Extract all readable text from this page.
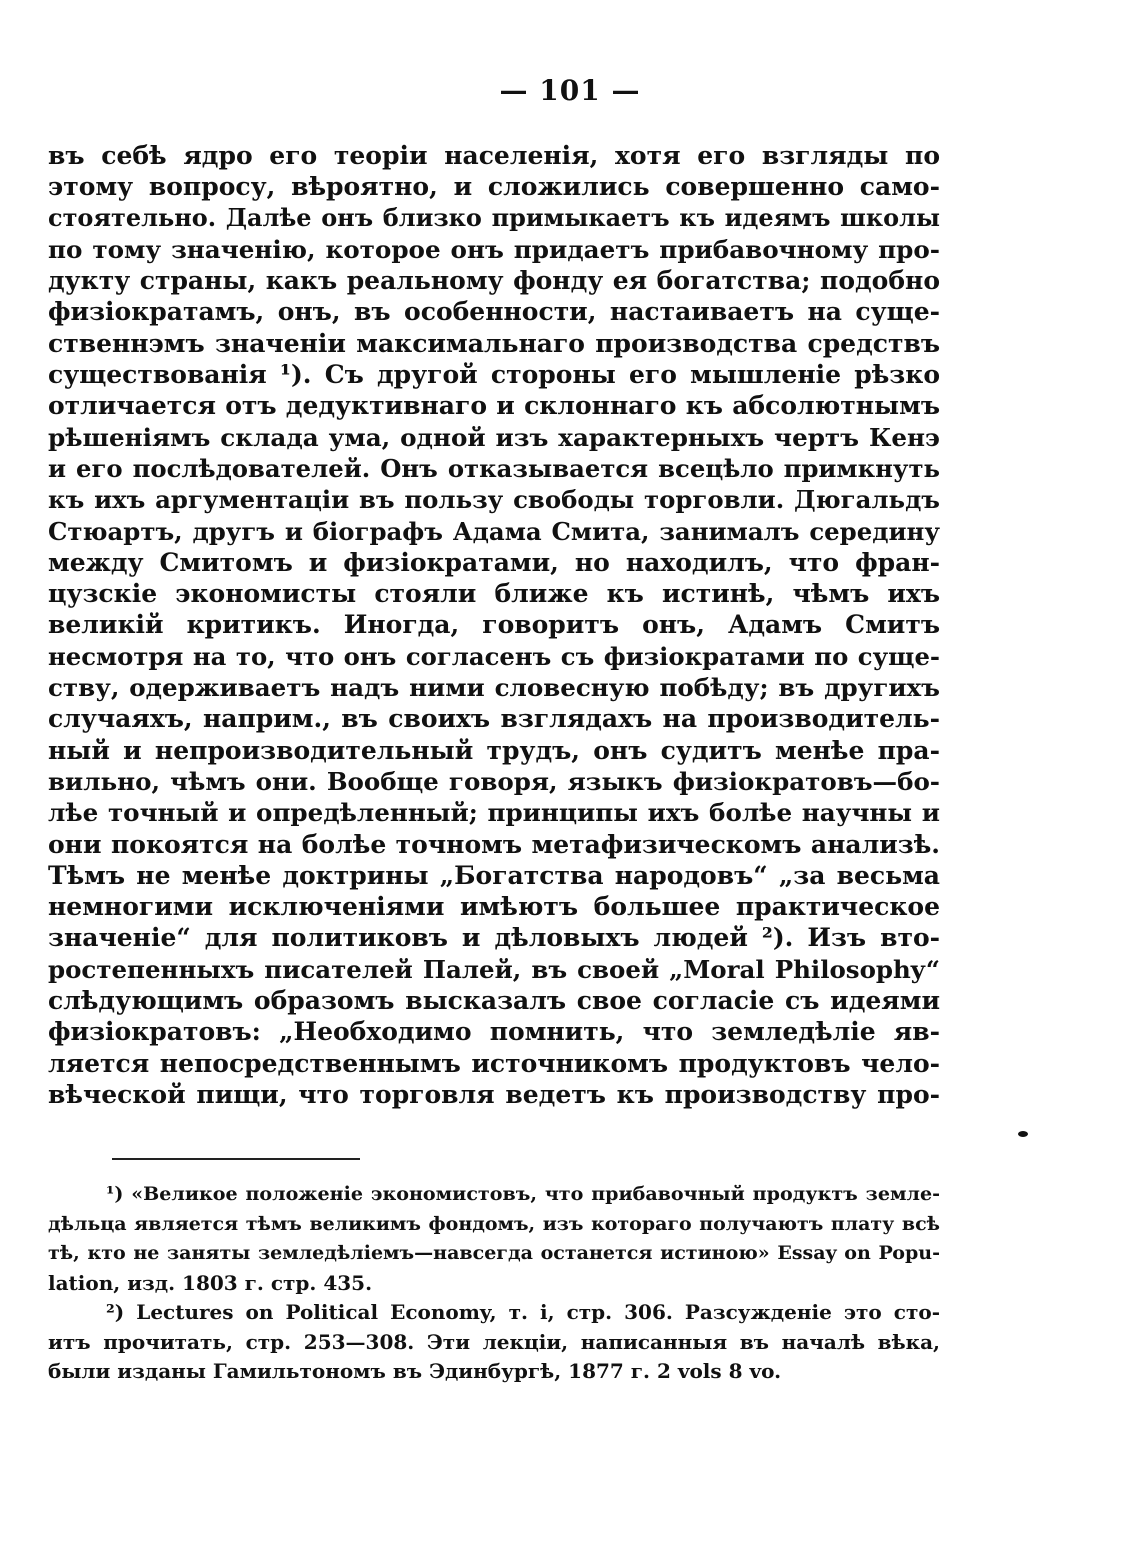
— 101 —
въ себѣ ядро его теоріи населенія, хотя его взгляды по
этому вопросу, вѣроятно, и сложились совершенно само-
стоятельно. Далѣе онъ близко примыкаетъ къ идеямъ школы
по тому значенію, которое онъ придаетъ прибавочному про-
дукту страны, какъ реальному фонду ея богатства; подобно
физіократамъ, онъ, въ особенности, настаиваетъ на суще-
ственнэмъ значеніи максимальнаго производства средствъ
существованія ¹). Съ другой стороны его мышленіе рѣзко
отличается отъ дедуктивнаго и склоннаго къ абсолютнымъ
рѣшеніямъ склада ума, одной изъ характерныхъ чертъ Кенэ
и его послѣдователей. Онъ отказывается всецѣло примкнуть
къ ихъ аргументаціи въ пользу свободы торговли. Дюгальдъ
Стюартъ, другъ и біографъ Адама Смита, занималъ середину
между Смитомъ и физіократами, но находилъ, что фран-
цузскіе экономисты стояли ближе къ истинѣ, чѣмъ ихъ
великій критикъ. Иногда, говоритъ онъ, Адамъ Смитъ
несмотря на то, что онъ согласенъ съ физіократами по суще-
ству, одерживаетъ надъ ними словесную побѣду; въ другихъ
случаяхъ, наприм., въ своихъ взглядахъ на производитель-
ный и непроизводительный трудъ, онъ судитъ менѣе пра-
вильно, чѣмъ они. Вообще говоря, языкъ физіократовъ—бо-
лѣе точный и опредѣленный; принципы ихъ болѣе научны и
они покоятся на болѣе точномъ метафизическомъ анализѣ.
Тѣмъ не менѣе доктрины „Богатства народовъ“ „за весьма
немногими исключеніями имѣютъ большее практическое
значеніе“ для политиковъ и дѣловыхъ людей ²). Изъ вто-
ростепенныхъ писателей Палей, въ своей „Moral Philosophy“
слѣдующимъ образомъ высказалъ свое согласіе съ идеями
физіократовъ: „Необходимо помнить, что земледѣліе яв-
ляется непосредственнымъ источникомъ продуктовъ чело-
вѣческой пищи, что торговля ведетъ къ производству про-
¹) «Великое положеніе экономистовъ, что прибавочный продуктъ земле-
дѣльца является тѣмъ великимъ фондомъ, изъ котораго получаютъ плату всѣ
тѣ, кто не заняты земледѣліемъ—навсегда останется истиною» Essay on Popu-
lation, изд. 1803 г. стр. 435.
²) Lectures on Political Economy, т. i, стр. 306. Разсужденіе это сто-
итъ прочитать, стр. 253—308. Эти лекціи, написанныя въ началѣ вѣка,
были изданы Гамильтономъ въ Эдинбургѣ, 1877 г. 2 vols 8 vo.
